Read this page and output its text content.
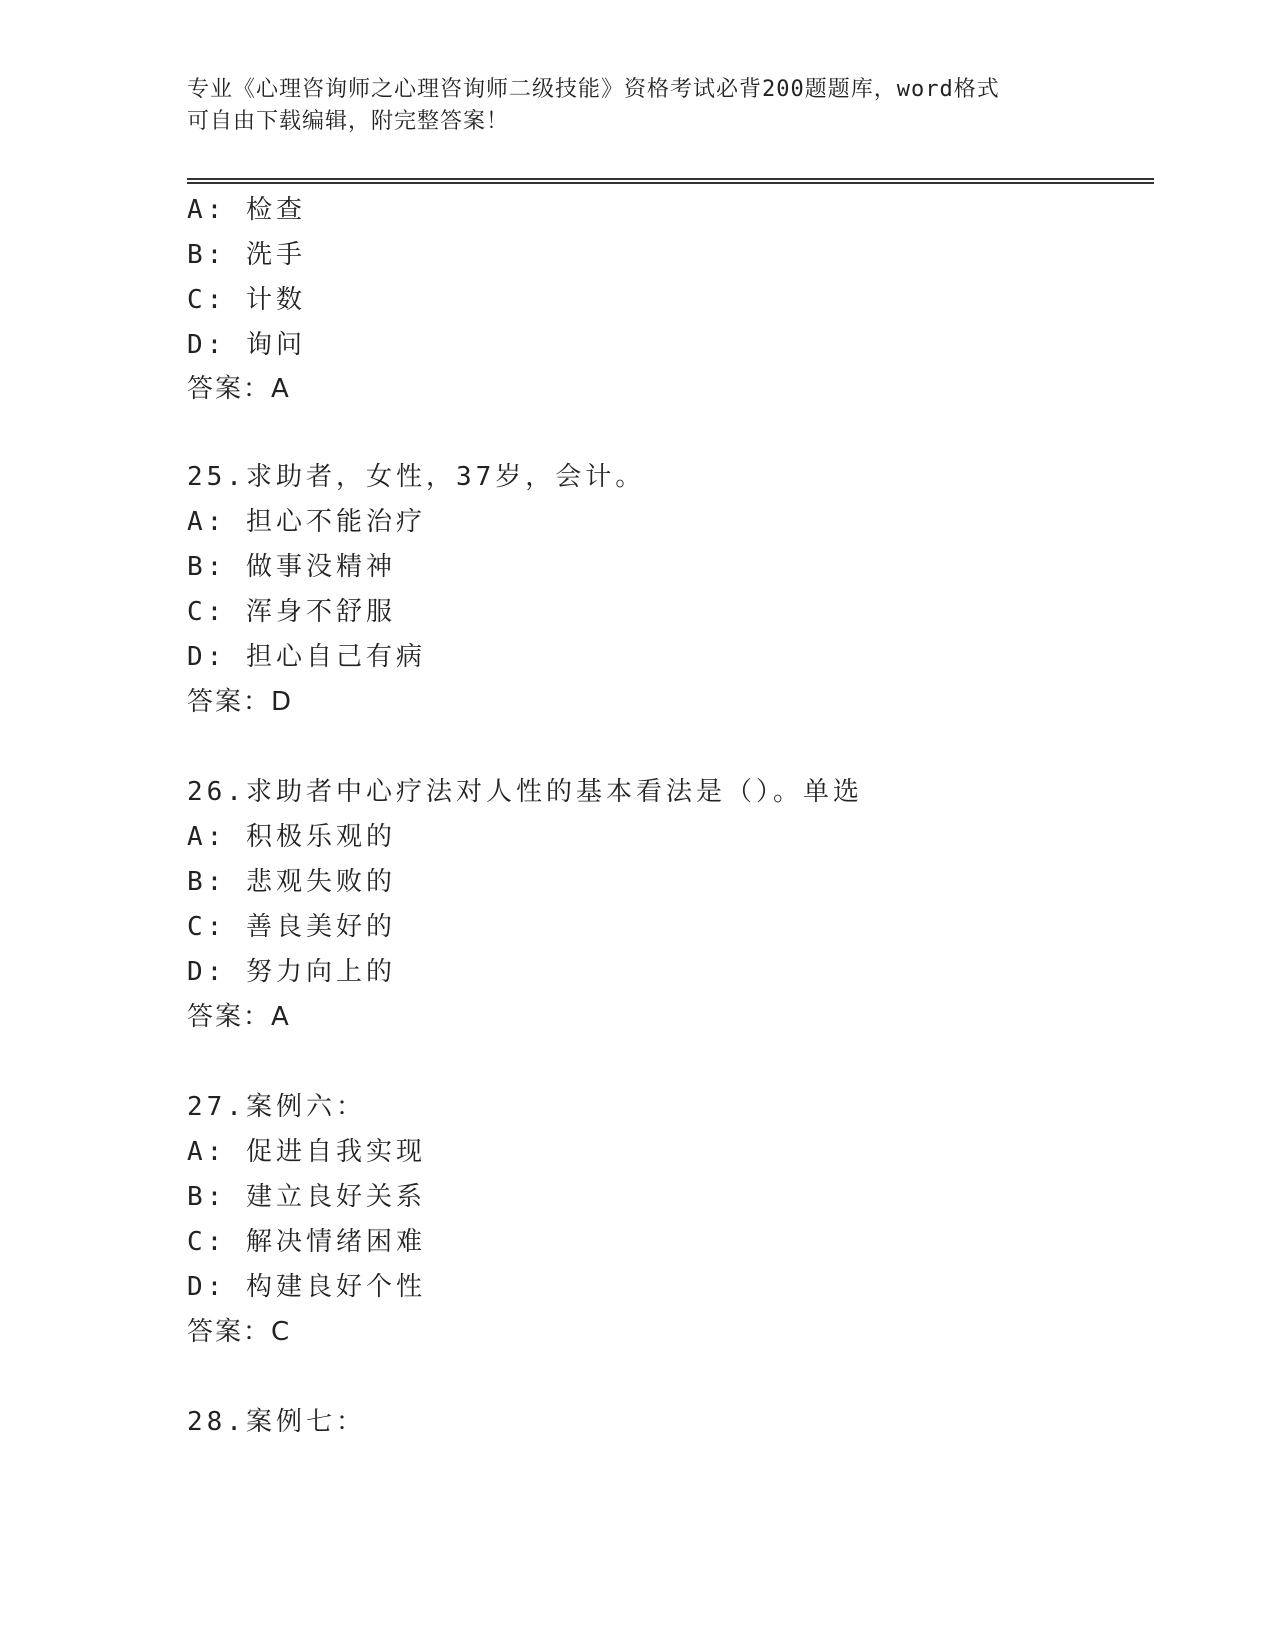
专业《心理咨询师之心理咨询师二级技能》资格考试必背200题题库，word格式
可自由下载编辑，附完整答案！
A: 检查
B: 洗手
C: 计数
D: 询问
答案：A
25.求助者，女性，37岁，会计。
A: 担心不能治疗
B: 做事没精神
C: 浑身不舒服
D: 担心自己有病
答案：D
26.求助者中心疗法对人性的基本看法是（）。单选
A: 积极乐观的
B: 悲观失败的
C: 善良美好的
D: 努力向上的
答案：A
27.案例六：
A: 促进自我实现
B: 建立良好关系
C: 解决情绪困难
D: 构建良好个性
答案：C
28.案例七：
